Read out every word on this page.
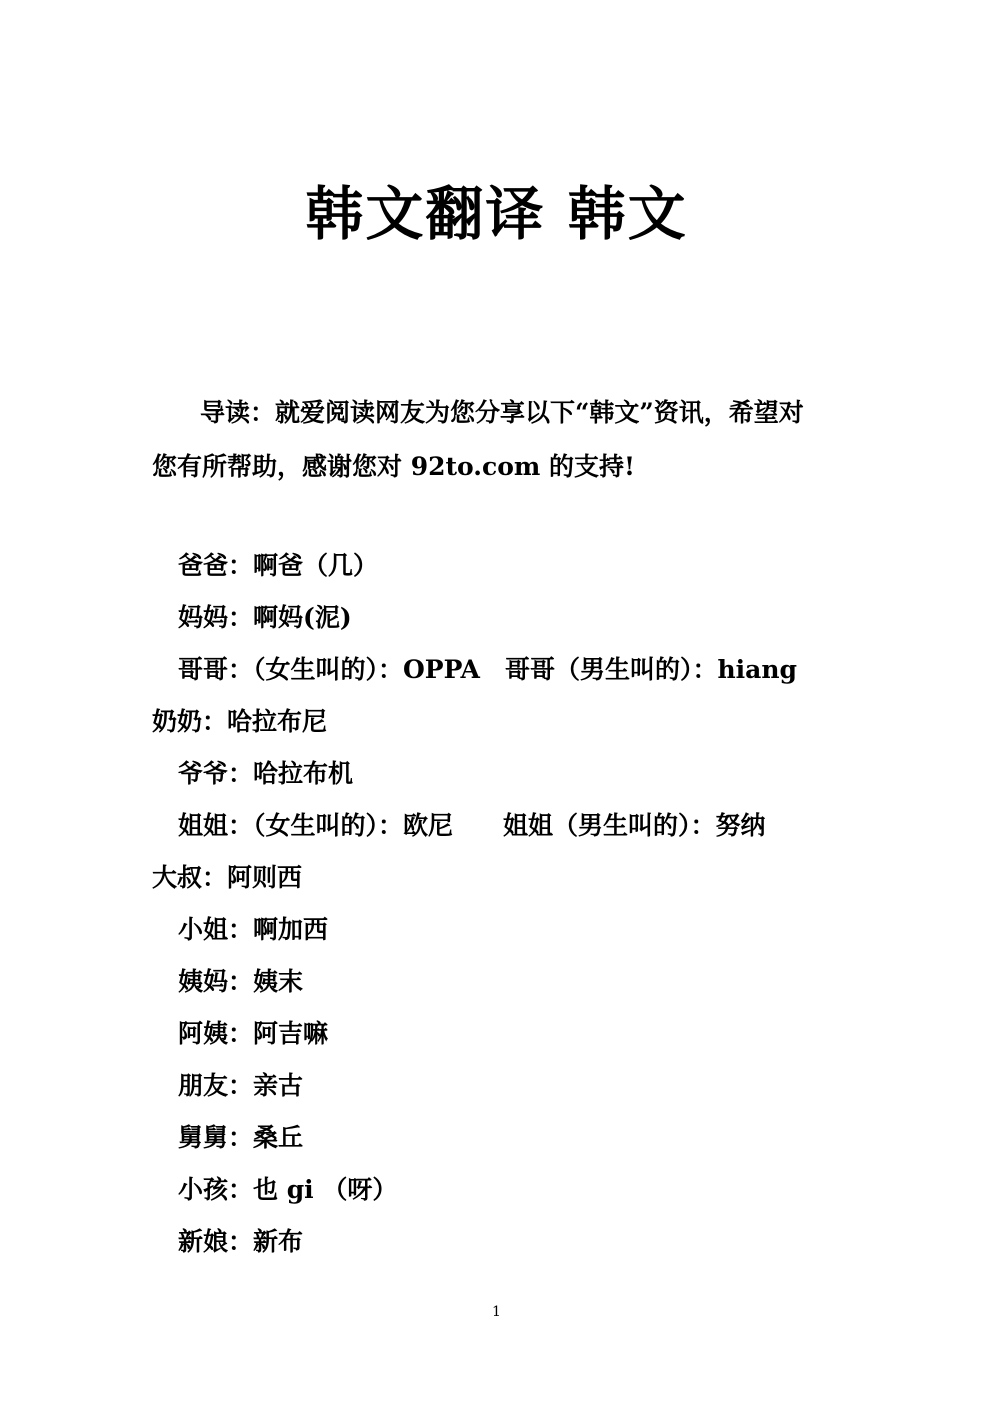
韩文翻译 韩文
导读：就爱阅读网友为您分享以下“韩文”资讯，希望对
您有所帮助，感谢您对 92to.com 的支持!
爸爸：啊爸（几）
妈妈：啊妈(泥)
哥哥：（女生叫的）：OPPA　哥哥（男生叫的）：hiang
奶奶：哈拉布尼
爷爷：哈拉布机
姐姐：（女生叫的）：欧尼　　姐姐（男生叫的）：努纳
大叔：阿则西
小姐：啊加西
姨妈：姨末
阿姨：阿吉嘛
朋友：亲古
舅舅：桑丘
小孩：也 gi （呀）
新娘：新布
1
